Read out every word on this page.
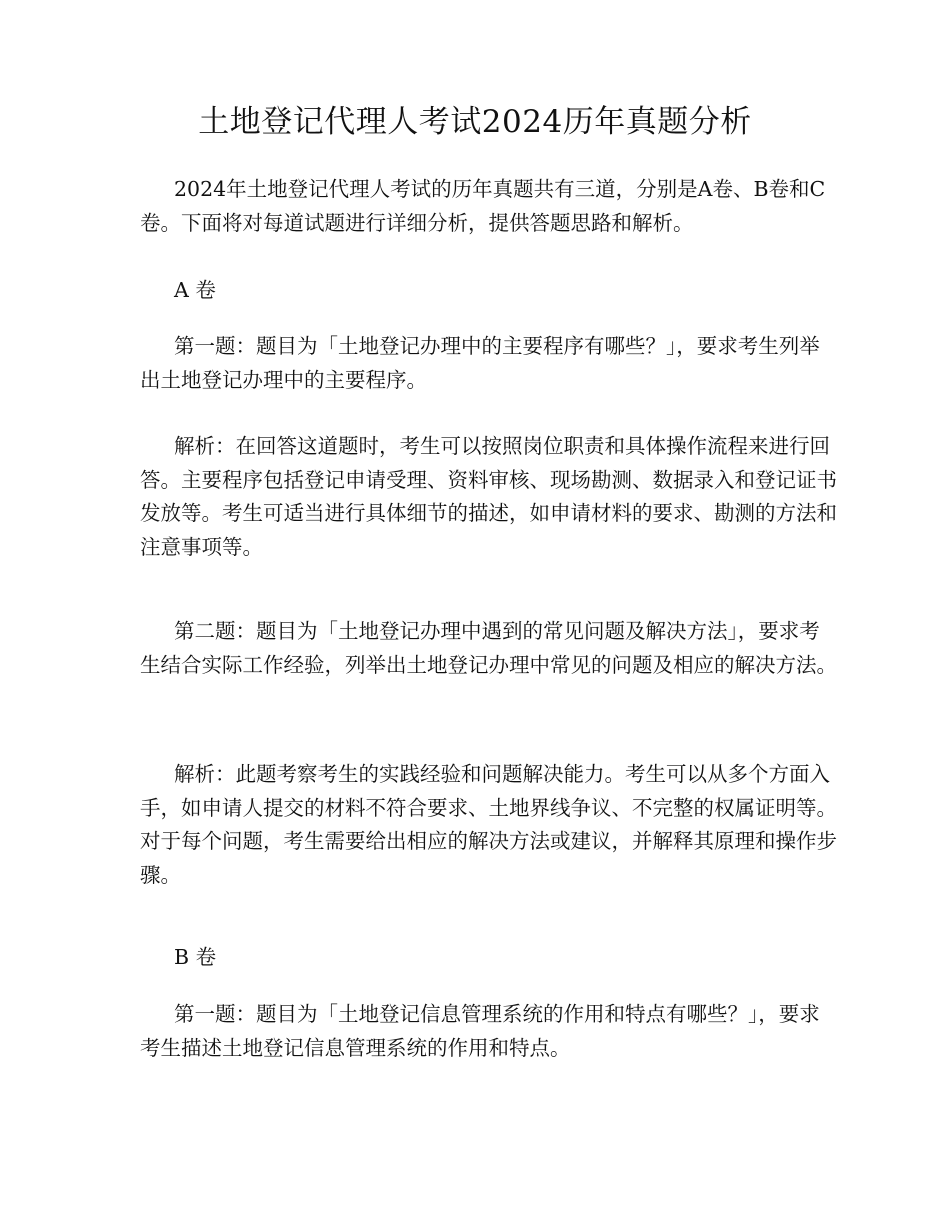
土地登记代理人考试2024历年真题分析

2024年土地登记代理人考试的历年真题共有三道，分别是A卷、B卷和C卷。下面将对每道试题进行详细分析，提供答题思路和解析。

A 卷

第一题：题目为「土地登记办理中的主要程序有哪些？」，要求考生列举出土地登记办理中的主要程序。

解析：在回答这道题时，考生可以按照岗位职责和具体操作流程来进行回答。主要程序包括登记申请受理、资料审核、现场勘测、数据录入和登记证书发放等。考生可适当进行具体细节的描述，如申请材料的要求、勘测的方法和注意事项等。

第二题：题目为「土地登记办理中遇到的常见问题及解决方法」，要求考生结合实际工作经验，列举出土地登记办理中常见的问题及相应的解决方法。

解析：此题考察考生的实践经验和问题解决能力。考生可以从多个方面入手，如申请人提交的材料不符合要求、土地界线争议、不完整的权属证明等。对于每个问题，考生需要给出相应的解决方法或建议，并解释其原理和操作步骤。

B 卷

第一题：题目为「土地登记信息管理系统的作用和特点有哪些？」，要求考生描述土地登记信息管理系统的作用和特点。
